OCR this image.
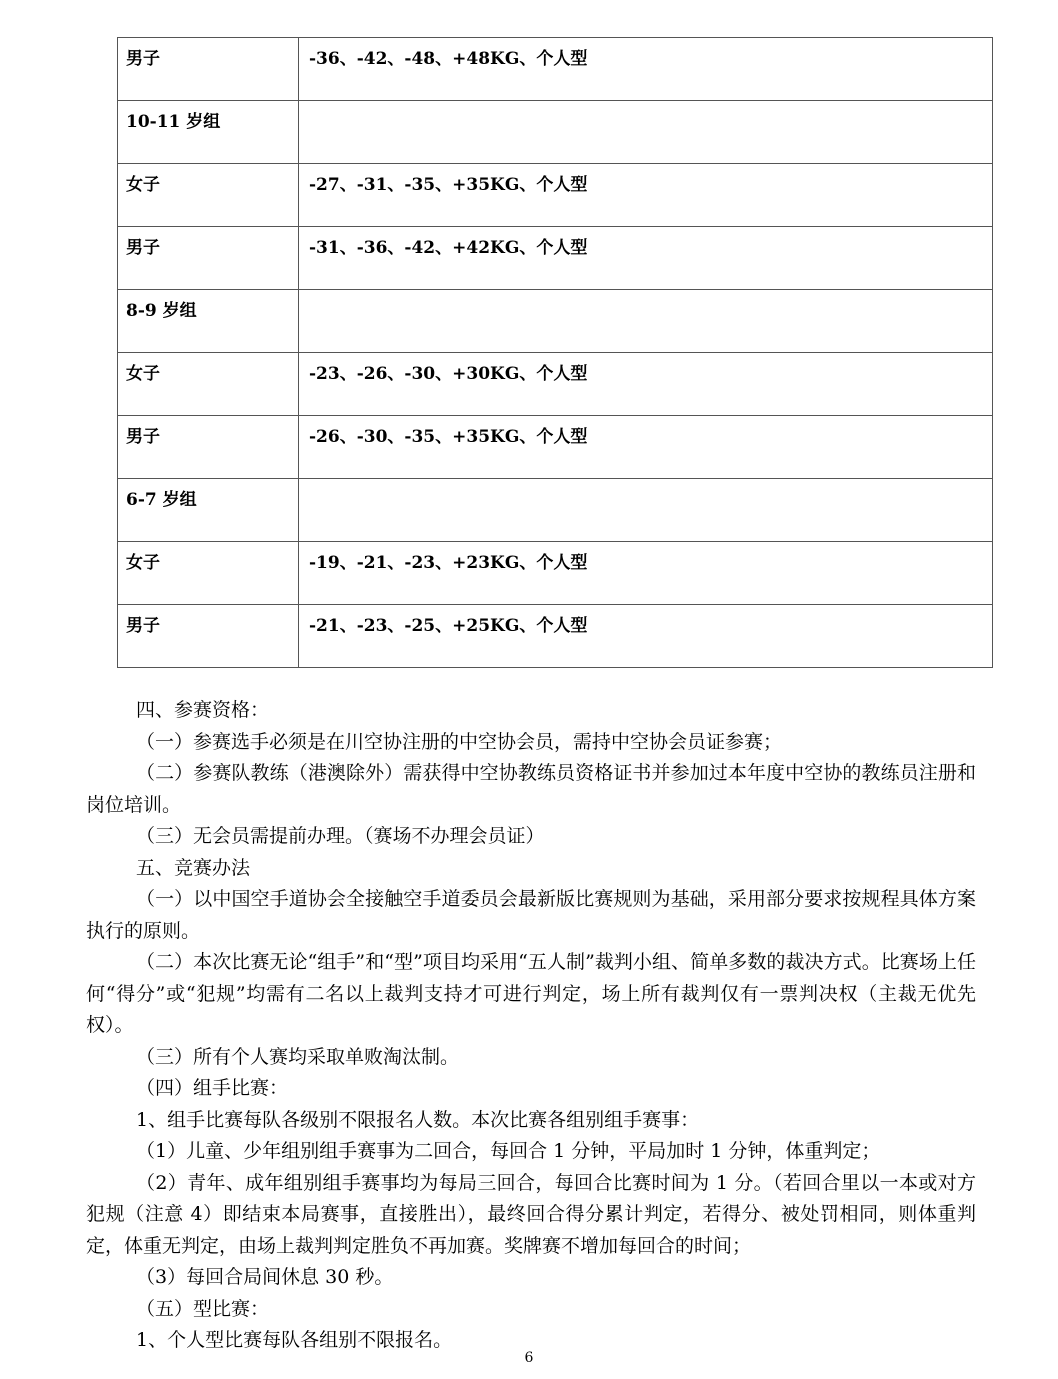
男子	-36、-42、-48、+48KG、个人型

10-11 岁组	

女子	-27、-31、-35、+35KG、个人型

男子	-31、-36、-42、+42KG、个人型

8-9 岁组	

女子	-23、-26、-30、+30KG、个人型

男子	-26、-30、-35、+35KG、个人型

6-7 岁组	

女子	-19、-21、-23、+23KG、个人型

男子	-21、-23、-25、+25KG、个人型

四、参赛资格：

（一）参赛选手必须是在川空协注册的中空协会员，需持中空协会员证参赛；

（二）参赛队教练（港澳除外）需获得中空协教练员资格证书并参加过本年度中空协的教练员注册和岗位培训。

（三）无会员需提前办理。（赛场不办理会员证）

五、竞赛办法

（一）以中国空手道协会全接触空手道委员会最新版比赛规则为基础，采用部分要求按规程具体方案执行的原则。

（二）本次比赛无论“组手”和“型”项目均采用“五人制”裁判小组、简单多数的裁决方式。比赛场上任何“得分”或“犯规”均需有二名以上裁判支持才可进行判定，场上所有裁判仅有一票判决权（主裁无优先权）。

（三）所有个人赛均采取单败淘汰制。

（四）组手比赛：

1、组手比赛每队各级别不限报名人数。本次比赛各组别组手赛事：

（1）儿童、少年组别组手赛事为二回合，每回合 1 分钟，平局加时 1 分钟，体重判定；

（2）青年、成年组别组手赛事均为每局三回合，每回合比赛时间为 1 分。（若回合里以一本或对方犯规（注意 4）即结束本局赛事，直接胜出），最终回合得分累计判定，若得分、被处罚相同，则体重判定，体重无判定，由场上裁判判定胜负不再加赛。奖牌赛不增加每回合的时间；

（3）每回合局间休息 30 秒。

（五）型比赛：

1、个人型比赛每队各组别不限报名。

6
